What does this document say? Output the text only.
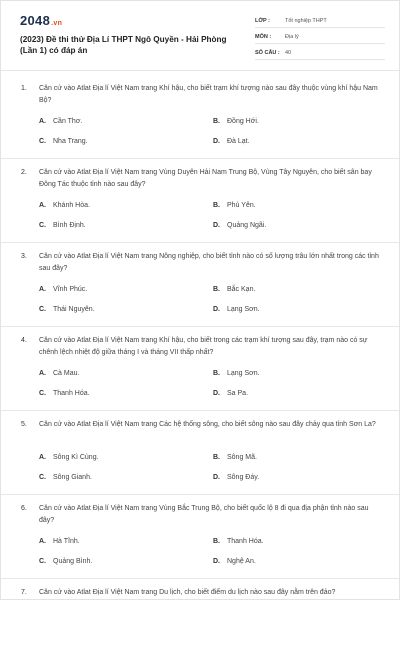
2048.vn
(2023) Đề thi thử Địa Lí THPT Ngô Quyền - Hải Phòng (Lần 1) có đáp án
LỚP :	Tốt nghiệp THPT
MÔN :	Địa lý
SỐ CÂU : 40
1. Căn cứ vào Atlat Địa lí Việt Nam trang Khí hậu, cho biết trạm khí tượng nào sau đây thuộc vùng khí hậu Nam Bộ?
A. Cần Thơ.	B. Đồng Hới.
C. Nha Trang.	D. Đà Lạt.
2. Căn cứ vào Atlat Địa lí Việt Nam trang Vùng Duyên Hải Nam Trung Bộ, Vùng Tây Nguyên, cho biết sân bay Đông Tác thuộc tỉnh nào sau đây?
A. Khánh Hòa.	B. Phú Yên.
C. Bình Định.	D. Quảng Ngãi.
3. Căn cứ vào Atlat Địa lí Việt Nam trang Nông nghiệp, cho biết tỉnh nào có số lượng trâu lớn nhất trong các tỉnh sau đây?
A. Vĩnh Phúc.	B. Bắc Kạn.
C. Thái Nguyên.	D. Lạng Sơn.
4. Căn cứ vào Atlat Địa lí Việt Nam trang Khí hậu, cho biết trong các trạm khí tượng sau đây, trạm nào có sự chênh lệch nhiệt độ giữa tháng I và tháng VII thấp nhất?
A. Cà Mau.	B. Lạng Sơn.
C. Thanh Hóa.	D. Sa Pa.
5. Căn cứ vào Atlat Địa lí Việt Nam trang Các hệ thống sông, cho biết sông nào sau đây chảy qua tỉnh Sơn La?
A. Sông Kì Cùng.	B. Sông Mã.
C. Sông Gianh.	D. Sông Đáy.
6. Căn cứ vào Atlat Địa lí Việt Nam trang Vùng Bắc Trung Bộ, cho biết quốc lộ 8 đi qua địa phận tỉnh nào sau đây?
A. Hà Tĩnh.	B. Thanh Hóa.
C. Quảng Bình.	D. Nghệ An.
7. Căn cứ vào Atlat Địa lí Việt Nam trang Du lịch, cho biết điểm du lịch nào sau đây nằm trên đảo?
